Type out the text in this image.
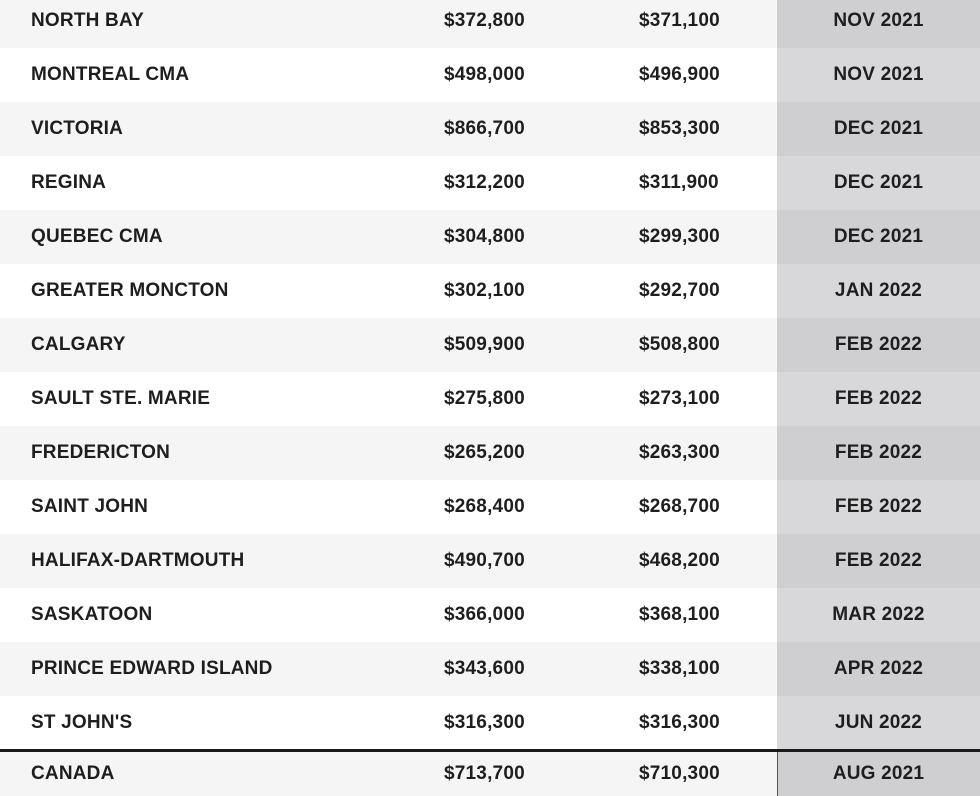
NORTH BAY	$372,800	$371,100	NOV 2021
MONTREAL CMA	$498,000	$496,900	NOV 2021
VICTORIA	$866,700	$853,300	DEC 2021
REGINA	$312,200	$311,900	DEC 2021
QUEBEC CMA	$304,800	$299,300	DEC 2021
GREATER MONCTON	$302,100	$292,700	JAN 2022
CALGARY	$509,900	$508,800	FEB 2022
SAULT STE. MARIE	$275,800	$273,100	FEB 2022
FREDERICTON	$265,200	$263,300	FEB 2022
SAINT JOHN	$268,400	$268,700	FEB 2022
HALIFAX-DARTMOUTH	$490,700	$468,200	FEB 2022
SASKATOON	$366,000	$368,100	MAR 2022
PRINCE EDWARD ISLAND	$343,600	$338,100	APR 2022
ST JOHN'S	$316,300	$316,300	JUN 2022
CANADA	$713,700	$710,300	AUG 2021
